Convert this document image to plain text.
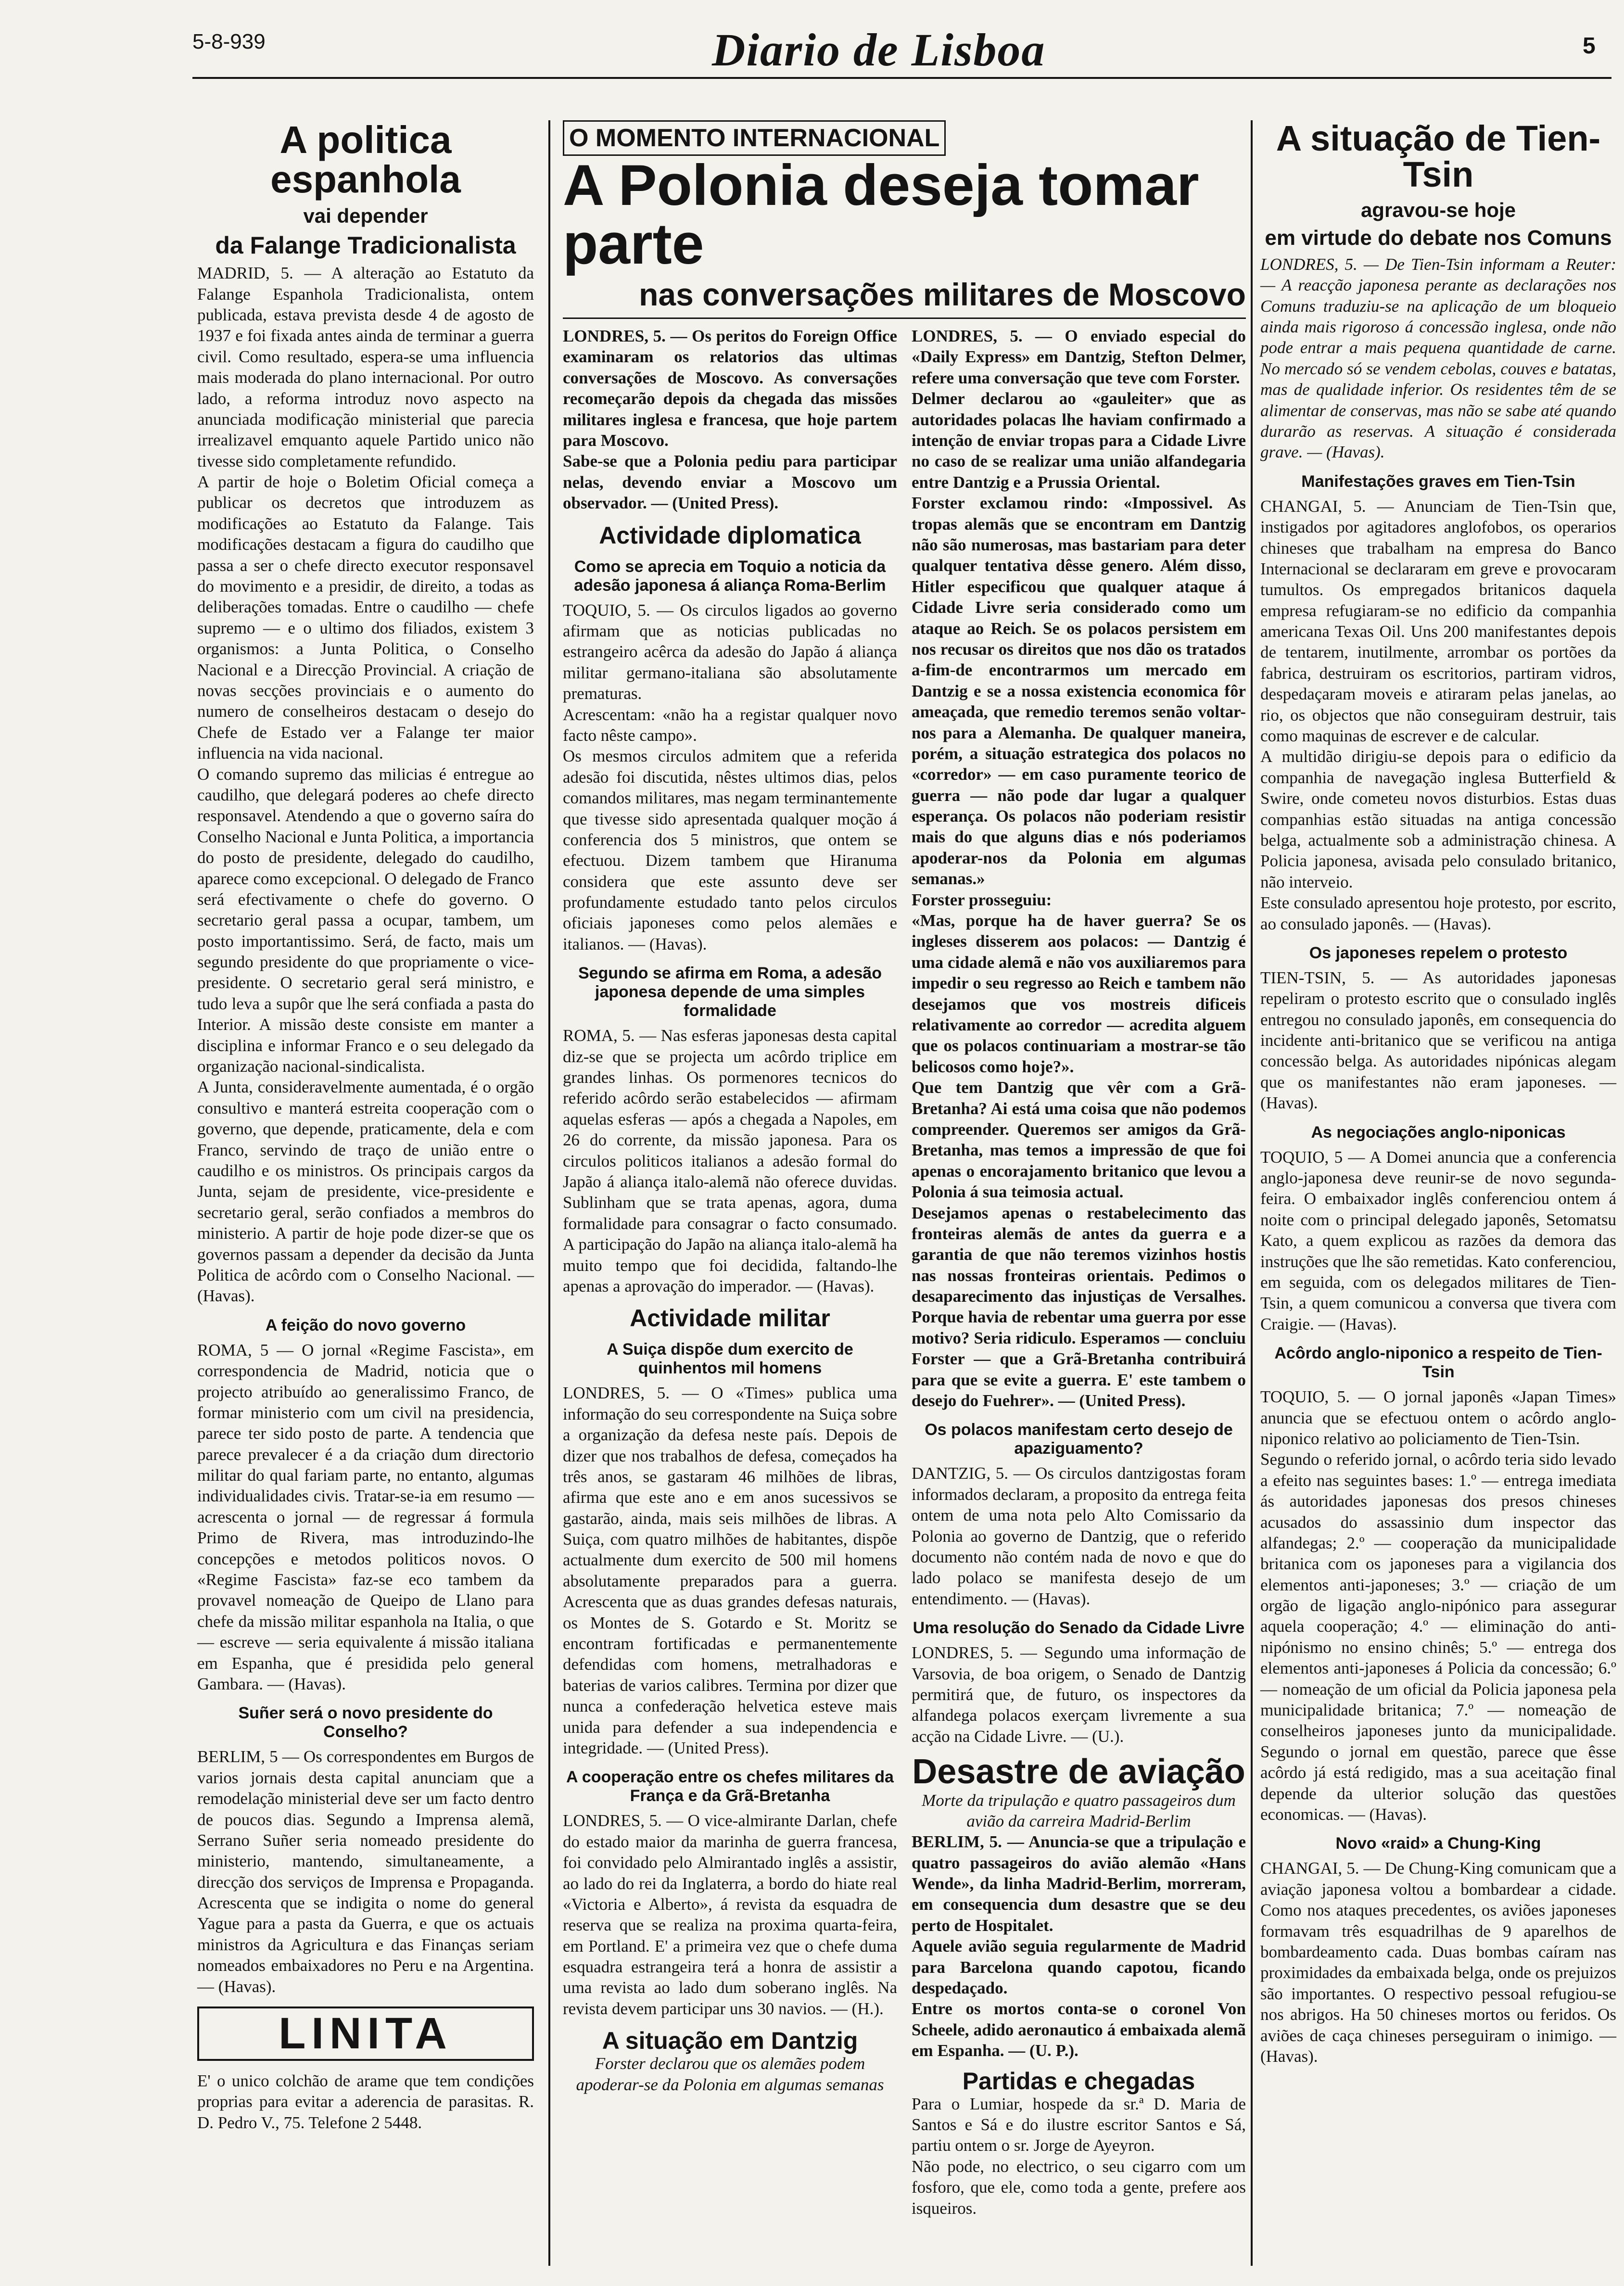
5-8-939	Diario de Lisboa	5
A politica espanhola
vai depender
da Falange Tradicionalista

MADRID, 5. — A alteração ao Estatuto da Falange Espanhola Tradicionalista, ontem publicada, estava prevista desde 4 de agosto de 1937 e foi fixada antes ainda de terminar a guerra civil. Como resultado, espera-se uma influencia mais moderada do plano internacional. Por outro lado, a reforma introduz novo aspecto na anunciada modificação ministerial que parecia irrealizavel emquanto aquele Partido unico não tivesse sido completamente refundido.
A partir de hoje o Boletim Oficial começa a publicar os decretos que introduzem as modificações ao Estatuto da Falange. Tais modificações destacam a figura do caudilho que passa a ser o chefe directo executor responsavel do movimento e a presidir, de direito, a todas as deliberações tomadas. Entre o caudilho — chefe supremo — e o ultimo dos filiados, existem 3 organismos: a Junta Politica, o Conselho Nacional e a Direcção Provincial. A criação de novas secções provinciais e o aumento do numero de conselheiros destacam o desejo do Chefe de Estado ver a Falange ter maior influencia na vida nacional.
O comando supremo das milicias é entregue ao caudilho, que delegará poderes ao chefe directo responsavel. Atendendo a que o governo saíra do Conselho Nacional e Junta Politica, a importancia do posto de presidente, delegado do caudilho, aparece como excepcional. O delegado de Franco será efectivamente o chefe do governo. O secretario geral passa a ocupar, tambem, um posto importantissimo. Será, de facto, mais um segundo presidente do que propriamente o vice-presidente. O secretario geral será ministro, e tudo leva a supôr que lhe será confiada a pasta do Interior. A missão deste consiste em manter a disciplina e informar Franco e o seu delegado da organização nacional-sindicalista.
A Junta, consideravelmente aumentada, é o orgão consultivo e manterá estreita cooperação com o governo, que depende, praticamente, dela e com Franco, servindo de traço de união entre o caudilho e os ministros. Os principais cargos da Junta, sejam de presidente, vice-presidente e secretario geral, serão confiados a membros do ministerio. A partir de hoje pode dizer-se que os governos passam a depender da decisão da Junta Politica de acôrdo com o Conselho Nacional. — (Havas).

A feição do novo governo

ROMA, 5 — O jornal «Regime Fascista», em correspondencia de Madrid, noticia que o projecto atribuído ao generalissimo Franco, de formar ministerio com um civil na presidencia, parece ter sido posto de parte. A tendencia que parece prevalecer é a da criação dum directorio militar do qual fariam parte, no entanto, algumas individualidades civis. Tratar-se-ia em resumo — acrescenta o jornal — de regressar á formula Primo de Rivera, mas introduzindo-lhe concepções e metodos politicos novos. O «Regime Fascista» faz-se eco tambem da provavel nomeação de Queipo de Llano para chefe da missão militar espanhola na Italia, o que — escreve — seria equivalente á missão italiana em Espanha, que é presidida pelo general Gambara. — (Havas).

Suñer será o novo presidente do Conselho?

BERLIM, 5 — Os correspondentes em Burgos de varios jornais desta capital anunciam que a remodelação ministerial deve ser um facto dentro de poucos dias. Segundo a Imprensa alemã, Serrano Suñer seria nomeado presidente do ministerio, mantendo, simultaneamente, a direcção dos serviços de Imprensa e Propaganda. Acrescenta que se indigita o nome do general Yague para a pasta da Guerra, e que os actuais ministros da Agricultura e das Finanças seriam nomeados embaixadores no Peru e na Argentina. — (Havas).

LINITA

E' o unico colchão de arame que tem condições proprias para evitar a aderencia de parasitas. R. D. Pedro V., 75. Telefone 2 5448.

O MOMENTO INTERNACIONAL
A Polonia deseja tomar parte
nas conversações militares de Moscovo

LONDRES, 5. — Os peritos do Foreign Office examinaram os relatorios das ultimas conversações de Moscovo. As conversações recomeçarão depois da chegada das missões militares inglesa e francesa, que hoje partem para Moscovo.
Sabe-se que a Polonia pediu para participar nelas, devendo enviar a Moscovo um observador. — (United Press).

Actividade diplomatica
Como se aprecia em Toquio a noticia da adesão japonesa á aliança Roma-Berlim

TOQUIO, 5. — Os circulos ligados ao governo afirmam que as noticias publicadas no estrangeiro acêrca da adesão do Japão á aliança militar germano-italiana são absolutamente prematuras.
Acrescentam: «não ha a registar qualquer novo facto nêste campo».
Os mesmos circulos admitem que a referida adesão foi discutida, nêstes ultimos dias, pelos comandos militares, mas negam terminantemente que tivesse sido apresentada qualquer moção á conferencia dos 5 ministros, que ontem se efectuou. Dizem tambem que Hiranuma considera que este assunto deve ser profundamente estudado tanto pelos circulos oficiais japoneses como pelos alemães e italianos. — (Havas).

Segundo se afirma em Roma, a adesão japonesa depende de uma simples formalidade

ROMA, 5. — Nas esferas japonesas desta capital diz-se que se projecta um acôrdo triplice em grandes linhas. Os pormenores tecnicos do referido acôrdo serão estabelecidos — afirmam aquelas esferas — após a chegada a Napoles, em 26 do corrente, da missão japonesa. Para os circulos politicos italianos a adesão formal do Japão á aliança italo-alemã não oferece duvidas. Sublinham que se trata apenas, agora, duma formalidade para consagrar o facto consumado. A participação do Japão na aliança italo-alemã ha muito tempo que foi decidida, faltando-lhe apenas a aprovação do imperador. — (Havas).

Actividade militar
A Suiça dispõe dum exercito de quinhentos mil homens

LONDRES, 5. — O «Times» publica uma informação do seu correspondente na Suiça sobre a organização da defesa neste país. Depois de dizer que nos trabalhos de defesa, começados ha três anos, se gastaram 46 milhões de libras, afirma que este ano e em anos sucessivos se gastarão, ainda, mais seis milhões de libras. A Suiça, com quatro milhões de habitantes, dispõe actualmente dum exercito de 500 mil homens absolutamente preparados para a guerra. Acrescenta que as duas grandes defesas naturais, os Montes de S. Gotardo e St. Moritz se encontram fortificadas e permanentemente defendidas com homens, metralhadoras e baterias de varios calibres. Termina por dizer que nunca a confederação helvetica esteve mais unida para defender a sua independencia e integridade. — (United Press).

A cooperação entre os chefes militares da França e da Grã-Bretanha

LONDRES, 5. — O vice-almirante Darlan, chefe do estado maior da marinha de guerra francesa, foi convidado pelo Almirantado inglês a assistir, ao lado do rei da Inglaterra, a bordo do hiate real «Victoria e Alberto», á revista da esquadra de reserva que se realiza na proxima quarta-feira, em Portland. E' a primeira vez que o chefe duma esquadra estrangeira terá a honra de assistir a uma revista ao lado dum soberano inglês. Na revista devem participar uns 30 navios. — (H.).

A situação em Dantzig

Forster declarou que os alemães podem apoderar-se da Polonia em algumas semanas

LONDRES, 5. — O enviado especial do «Daily Express» em Dantzig, Stefton Delmer, refere uma conversação que teve com Forster.
Delmer declarou ao «gauleiter» que as autoridades polacas lhe haviam confirmado a intenção de enviar tropas para a Cidade Livre no caso de se realizar uma união alfandegaria entre Dantzig e a Prussia Oriental.
Forster exclamou rindo: «Impossivel. As tropas alemãs que se encontram em Dantzig não são numerosas, mas bastariam para deter qualquer tentativa dêsse genero. Além disso, Hitler especificou que qualquer ataque á Cidade Livre seria considerado como um ataque ao Reich. Se os polacos persistem em nos recusar os direitos que nos dão os tratados a-fim-de encontrarmos um mercado em Dantzig e se a nossa existencia economica fôr ameaçada, que remedio teremos senão voltar-nos para a Alemanha. De qualquer maneira, porém, a situação estrategica dos polacos no «corredor» — em caso puramente teorico de guerra — não pode dar lugar a qualquer esperança. Os polacos não poderiam resistir mais do que alguns dias e nós poderiamos apoderar-nos da Polonia em algumas semanas.»
Forster prosseguiu:
«Mas, porque ha de haver guerra? Se os ingleses disserem aos polacos: — Dantzig é uma cidade alemã e não vos auxiliaremos para impedir o seu regresso ao Reich e tambem não desejamos que vos mostreis dificeis relativamente ao corredor — acredita alguem que os polacos continuariam a mostrar-se tão belicosos como hoje?».
Que tem Dantzig que vêr com a Grã-Bretanha? Ai está uma coisa que não podemos compreender. Queremos ser amigos da Grã-Bretanha, mas temos a impressão de que foi apenas o encorajamento britanico que levou a Polonia á sua teimosia actual.
Desejamos apenas o restabelecimento das fronteiras alemãs de antes da guerra e a garantia de que não teremos vizinhos hostis nas nossas fronteiras orientais. Pedimos o desaparecimento das injustiças de Versalhes. Porque havia de rebentar uma guerra por esse motivo? Seria ridiculo. Esperamos — concluiu Forster — que a Grã-Bretanha contribuirá para que se evite a guerra. E' este tambem o desejo do Fuehrer». — (United Press).

Os polacos manifestam certo desejo de apaziguamento?

DANTZIG, 5. — Os circulos dantzigostas foram informados declaram, a proposito da entrega feita ontem de uma nota pelo Alto Comissario da Polonia ao governo de Dantzig, que o referido documento não contém nada de novo e que do lado polaco se manifesta desejo de um entendimento. — (Havas).

Uma resolução do Senado da Cidade Livre

LONDRES, 5. — Segundo uma informação de Varsovia, de boa origem, o Senado de Dantzig permitirá que, de futuro, os inspectores da alfandega polacos exerçam livremente a sua acção na Cidade Livre. — (U.).

Desastre de aviação

Morte da tripulação e quatro passageiros dum avião da carreira Madrid-Berlim

BERLIM, 5. — Anuncia-se que a tripulação e quatro passageiros do avião alemão «Hans Wende», da linha Madrid-Berlim, morreram, em consequencia dum desastre que se deu perto de Hospitalet.
Aquele avião seguia regularmente de Madrid para Barcelona quando capotou, ficando despedaçado.
Entre os mortos conta-se o coronel Von Scheele, adido aeronautico á embaixada alemã em Espanha. — (U. P.).

Partidas e chegadas

Para o Lumiar, hospede da sr.ª D. Maria de Santos e Sá e do ilustre escritor Santos e Sá, partiu ontem o sr. Jorge de Ayeyron.
Não pode, no electrico, o seu cigarro com um fosforo, que ele, como toda a gente, prefere aos isqueiros.

A situação de Tien-Tsin
agravou-se hoje
em virtude do debate nos Comuns

LONDRES, 5. — De Tien-Tsin informam a Reuter: — A reacção japonesa perante as declarações nos Comuns traduziu-se na aplicação de um bloqueio ainda mais rigoroso á concessão inglesa, onde não pode entrar a mais pequena quantidade de carne. No mercado só se vendem cebolas, couves e batatas, mas de qualidade inferior. Os residentes têm de se alimentar de conservas, mas não se sabe até quando durarão as reservas. A situação é considerada grave. — (Havas).

Manifestações graves em Tien-Tsin

CHANGAI, 5. — Anunciam de Tien-Tsin que, instigados por agitadores anglofobos, os operarios chineses que trabalham na empresa do Banco Internacional se declararam em greve e provocaram tumultos. Os empregados britanicos daquela empresa refugiaram-se no edificio da companhia americana Texas Oil. Uns 200 manifestantes depois de tentarem, inutilmente, arrombar os portões da fabrica, destruiram os escritorios, partiram vidros, despedaçaram moveis e atiraram pelas janelas, ao rio, os objectos que não conseguiram destruir, tais como maquinas de escrever e de calcular.
A multidão dirigiu-se depois para o edificio da companhia de navegação inglesa Butterfield & Swire, onde cometeu novos disturbios. Estas duas companhias estão situadas na antiga concessão belga, actualmente sob a administração chinesa. A Policia japonesa, avisada pelo consulado britanico, não interveio.
Este consulado apresentou hoje protesto, por escrito, ao consulado japonês. — (Havas).

Os japoneses repelem o protesto

TIEN-TSIN, 5. — As autoridades japonesas repeliram o protesto escrito que o consulado inglês entregou no consulado japonês, em consequencia do incidente anti-britanico que se verificou na antiga concessão belga. As autoridades nipónicas alegam que os manifestantes não eram japoneses. — (Havas).

As negociações anglo-niponicas

TOQUIO, 5 — A Domei anuncia que a conferencia anglo-japonesa deve reunir-se de novo segunda-feira. O embaixador inglês conferenciou ontem á noite com o principal delegado japonês, Setomatsu Kato, a quem explicou as razões da demora das instruções que lhe são remetidas. Kato conferenciou, em seguida, com os delegados militares de Tien-Tsin, a quem comunicou a conversa que tivera com Craigie. — (Havas).

Acôrdo anglo-niponico a respeito de Tien-Tsin

TOQUIO, 5. — O jornal japonês «Japan Times» anuncia que se efectuou ontem o acôrdo anglo-niponico relativo ao policiamento de Tien-Tsin.
Segundo o referido jornal, o acôrdo teria sido levado a efeito nas seguintes bases: 1.º — entrega imediata ás autoridades japonesas dos presos chineses acusados do assassinio dum inspector das alfandegas; 2.º — cooperação da municipalidade britanica com os japoneses para a vigilancia dos elementos anti-japoneses; 3.º — criação de um orgão de ligação anglo-nipónico para assegurar aquela cooperação; 4.º — eliminação do anti-nipónismo no ensino chinês; 5.º — entrega dos elementos anti-japoneses á Policia da concessão; 6.º — nomeação de um oficial da Policia japonesa pela municipalidade britanica; 7.º — nomeação de conselheiros japoneses junto da municipalidade. Segundo o jornal em questão, parece que êsse acôrdo já está redigido, mas a sua aceitação final depende da ulterior solução das questões economicas. — (Havas).

Novo «raid» a Chung-King

CHANGAI, 5. — De Chung-King comunicam que a aviação japonesa voltou a bombardear a cidade. Como nos ataques precedentes, os aviões japoneses formavam três esquadrilhas de 9 aparelhos de bombardeamento cada. Duas bombas caíram nas proximidades da embaixada belga, onde os prejuizos são importantes. O respectivo pessoal refugiou-se nos abrigos. Ha 50 chineses mortos ou feridos. Os aviões de caça chineses perseguiram o inimigo. — (Havas).
